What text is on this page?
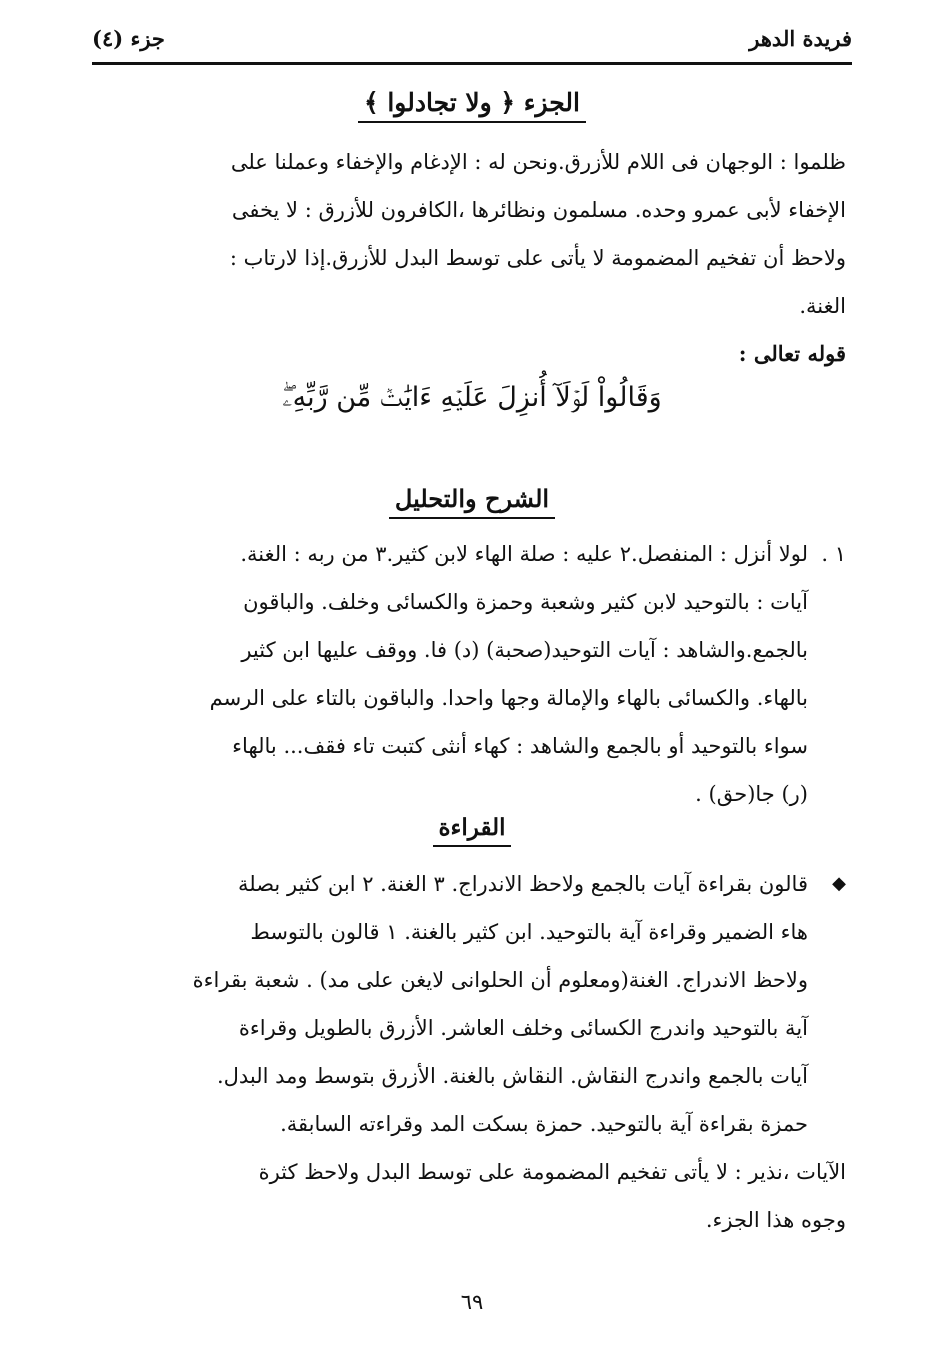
فريدة الدهر
جزء (٤)
الجزء ﴿ ولا تجادلوا ﴾

ظلموا : الوجهان فى اللام للأزرق.ونحن له : الإدغام والإخفاء وعملنا على

الإخفاء لأبى عمرو وحده. مسلمون ونظائرها ،الكافرون للأزرق : لا يخفى

ولاحظ أن تفخيم المضمومة لا يأتى على توسط البدل للأزرق.إذا لارتاب :

الغنة.

قوله تعالى :

وَقَالُواْ لَوۡلَآ أُنزِلَ عَلَيۡهِ ءَايَٰتٞ مِّن رَّبِّهِۦۖ
الشرح والتحليل
١ .
لولا أنزل : المنفصل.٢ عليه : صلة الهاء لابن كثير.٣ من ربه : الغنة.
آيات : بالتوحيد لابن كثير وشعبة وحمزة والكسائى وخلف. والباقون
بالجمع.والشاهد : آيات التوحيد(صحبة) (د) فا. ووقف عليها ابن كثير
بالهاء. والكسائى بالهاء والإمالة وجها واحدا. والباقون بالتاء على الرسم
سواء بالتوحيد أو بالجمع والشاهد : كهاء أنثى كتبت تاء فقف... بالهاء
(ر) جا(حق) .
القراءة
◆
قالون بقراءة آيات بالجمع ولاحظ الاندراج. ٣ الغنة. ٢ ابن كثير بصلة
هاء الضمير وقراءة آية بالتوحيد. ابن كثير بالغنة. ١ قالون بالتوسط
ولاحظ الاندراج. الغنة(ومعلوم أن الحلوانى لايغن على مد) . شعبة بقراءة
آية بالتوحيد واندرج الكسائى وخلف العاشر. الأزرق بالطويل وقراءة
آيات بالجمع واندرج النقاش. النقاش بالغنة. الأزرق بتوسط ومد البدل.
حمزة بقراءة آية بالتوحيد. حمزة بسكت المد وقراءته السابقة.

الآيات ،نذير : لا يأتى تفخيم المضمومة على توسط البدل ولاحظ كثرة

وجوه هذا الجزء.

٦٩
